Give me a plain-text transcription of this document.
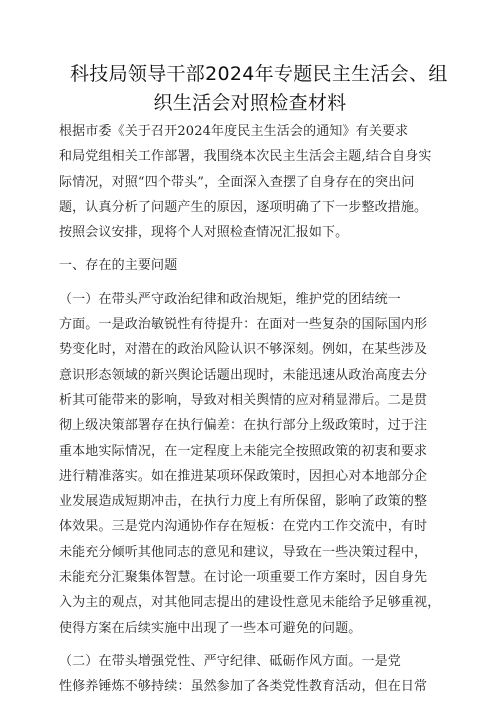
科技局领导干部2024年专题民主生活会、组
织生活会对照检查材料
根据市委《关于召开2024年度民主生活会的通知》有关要求
和局党组相关工作部署，我围绕本次民主生活会主题,结合自身实
际情况，对照“四个带头”，全面深入查摆了自身存在的突出问
题，认真分析了问题产生的原因，逐项明确了下一步整改措施。
按照会议安排，现将个人对照检查情况汇报如下。
一、存在的主要问题
（一）在带头严守政治纪律和政治规矩，维护党的团结统一
方面。一是政治敏锐性有待提升：在面对一些复杂的国际国内形
势变化时，对潜在的政治风险认识不够深刻。例如，在某些涉及
意识形态领域的新兴舆论话题出现时，未能迅速从政治高度去分
析其可能带来的影响，导致对相关舆情的应对稍显滞后。二是贯
彻上级决策部署存在执行偏差：在执行部分上级政策时，过于注
重本地实际情况，在一定程度上未能完全按照政策的初衷和要求
进行精准落实。如在推进某项环保政策时，因担心对本地部分企
业发展造成短期冲击，在执行力度上有所保留，影响了政策的整
体效果。三是党内沟通协作存在短板：在党内工作交流中，有时
未能充分倾听其他同志的意见和建议，导致在一些决策过程中，
未能充分汇聚集体智慧。在讨论一项重要工作方案时，因自身先
入为主的观点，对其他同志提出的建设性意见未能给予足够重视，
使得方案在后续实施中出现了一些本可避免的问题。
（二）在带头增强党性、严守纪律、砥砺作风方面。一是党
性修养锤炼不够持续：虽然参加了各类党性教育活动，但在日常
